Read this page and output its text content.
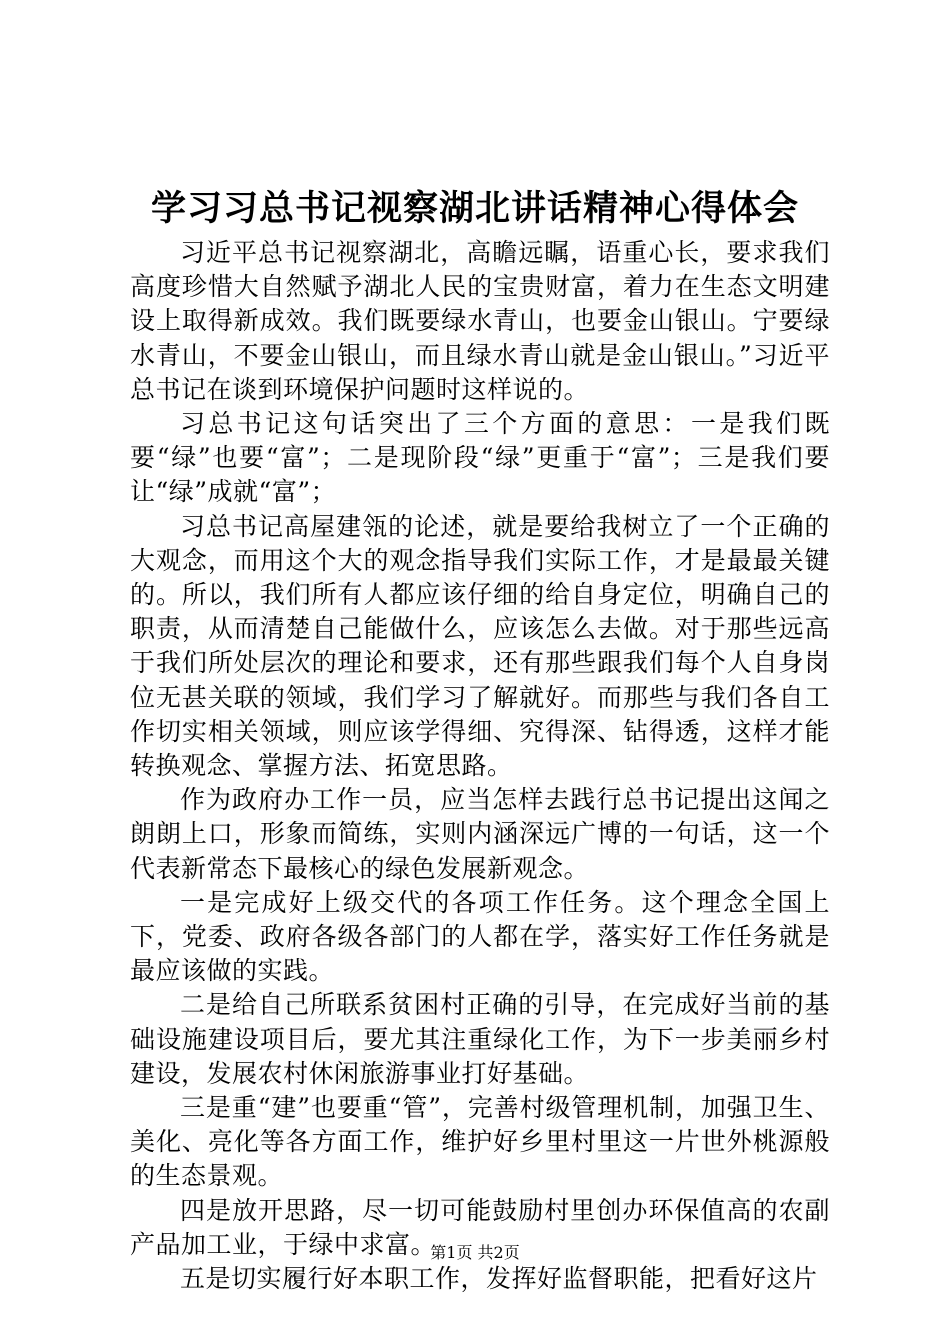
学习习总书记视察湖北讲话精神心得体会

习近平总书记视察湖北，高瞻远瞩，语重心长，要求我们高度珍惜大自然赋予湖北人民的宝贵财富，着力在生态文明建设上取得新成效。我们既要绿水青山，也要金山银山。宁要绿水青山，不要金山银山，而且绿水青山就是金山银山。”习近平总书记在谈到环境保护问题时这样说的。

习总书记这句话突出了三个方面的意思：一是我们既要“绿”也要“富”；二是现阶段“绿”更重于“富”；三是我们要让“绿”成就“富”；

习总书记高屋建瓴的论述，就是要给我树立了一个正确的大观念，而用这个大的观念指导我们实际工作，才是最最关键的。所以，我们所有人都应该仔细的给自身定位，明确自己的职责，从而清楚自己能做什么，应该怎么去做。对于那些远高于我们所处层次的理论和要求，还有那些跟我们每个人自身岗位无甚关联的领域，我们学习了解就好。而那些与我们各自工作切实相关领域，则应该学得细、究得深、钻得透，这样才能转换观念、掌握方法、拓宽思路。

作为政府办工作一员，应当怎样去践行总书记提出这闻之朗朗上口，形象而简练，实则内涵深远广博的一句话，这一个代表新常态下最核心的绿色发展新观念。

一是完成好上级交代的各项工作任务。这个理念全国上下，党委、政府各级各部门的人都在学，落实好工作任务就是最应该做的实践。

二是给自己所联系贫困村正确的引导，在完成好当前的基础设施建设项目后，要尤其注重绿化工作，为下一步美丽乡村建设，发展农村休闲旅游事业打好基础。

三是重“建”也要重“管”，完善村级管理机制，加强卫生、美化、亮化等各方面工作，维护好乡里村里这一片世外桃源般的生态景观。

四是放开思路，尽一切可能鼓励村里创办环保值高的农副产品加工业，于绿中求富。

五是切实履行好本职工作，发挥好监督职能，把看好这片

第1页 共2页
